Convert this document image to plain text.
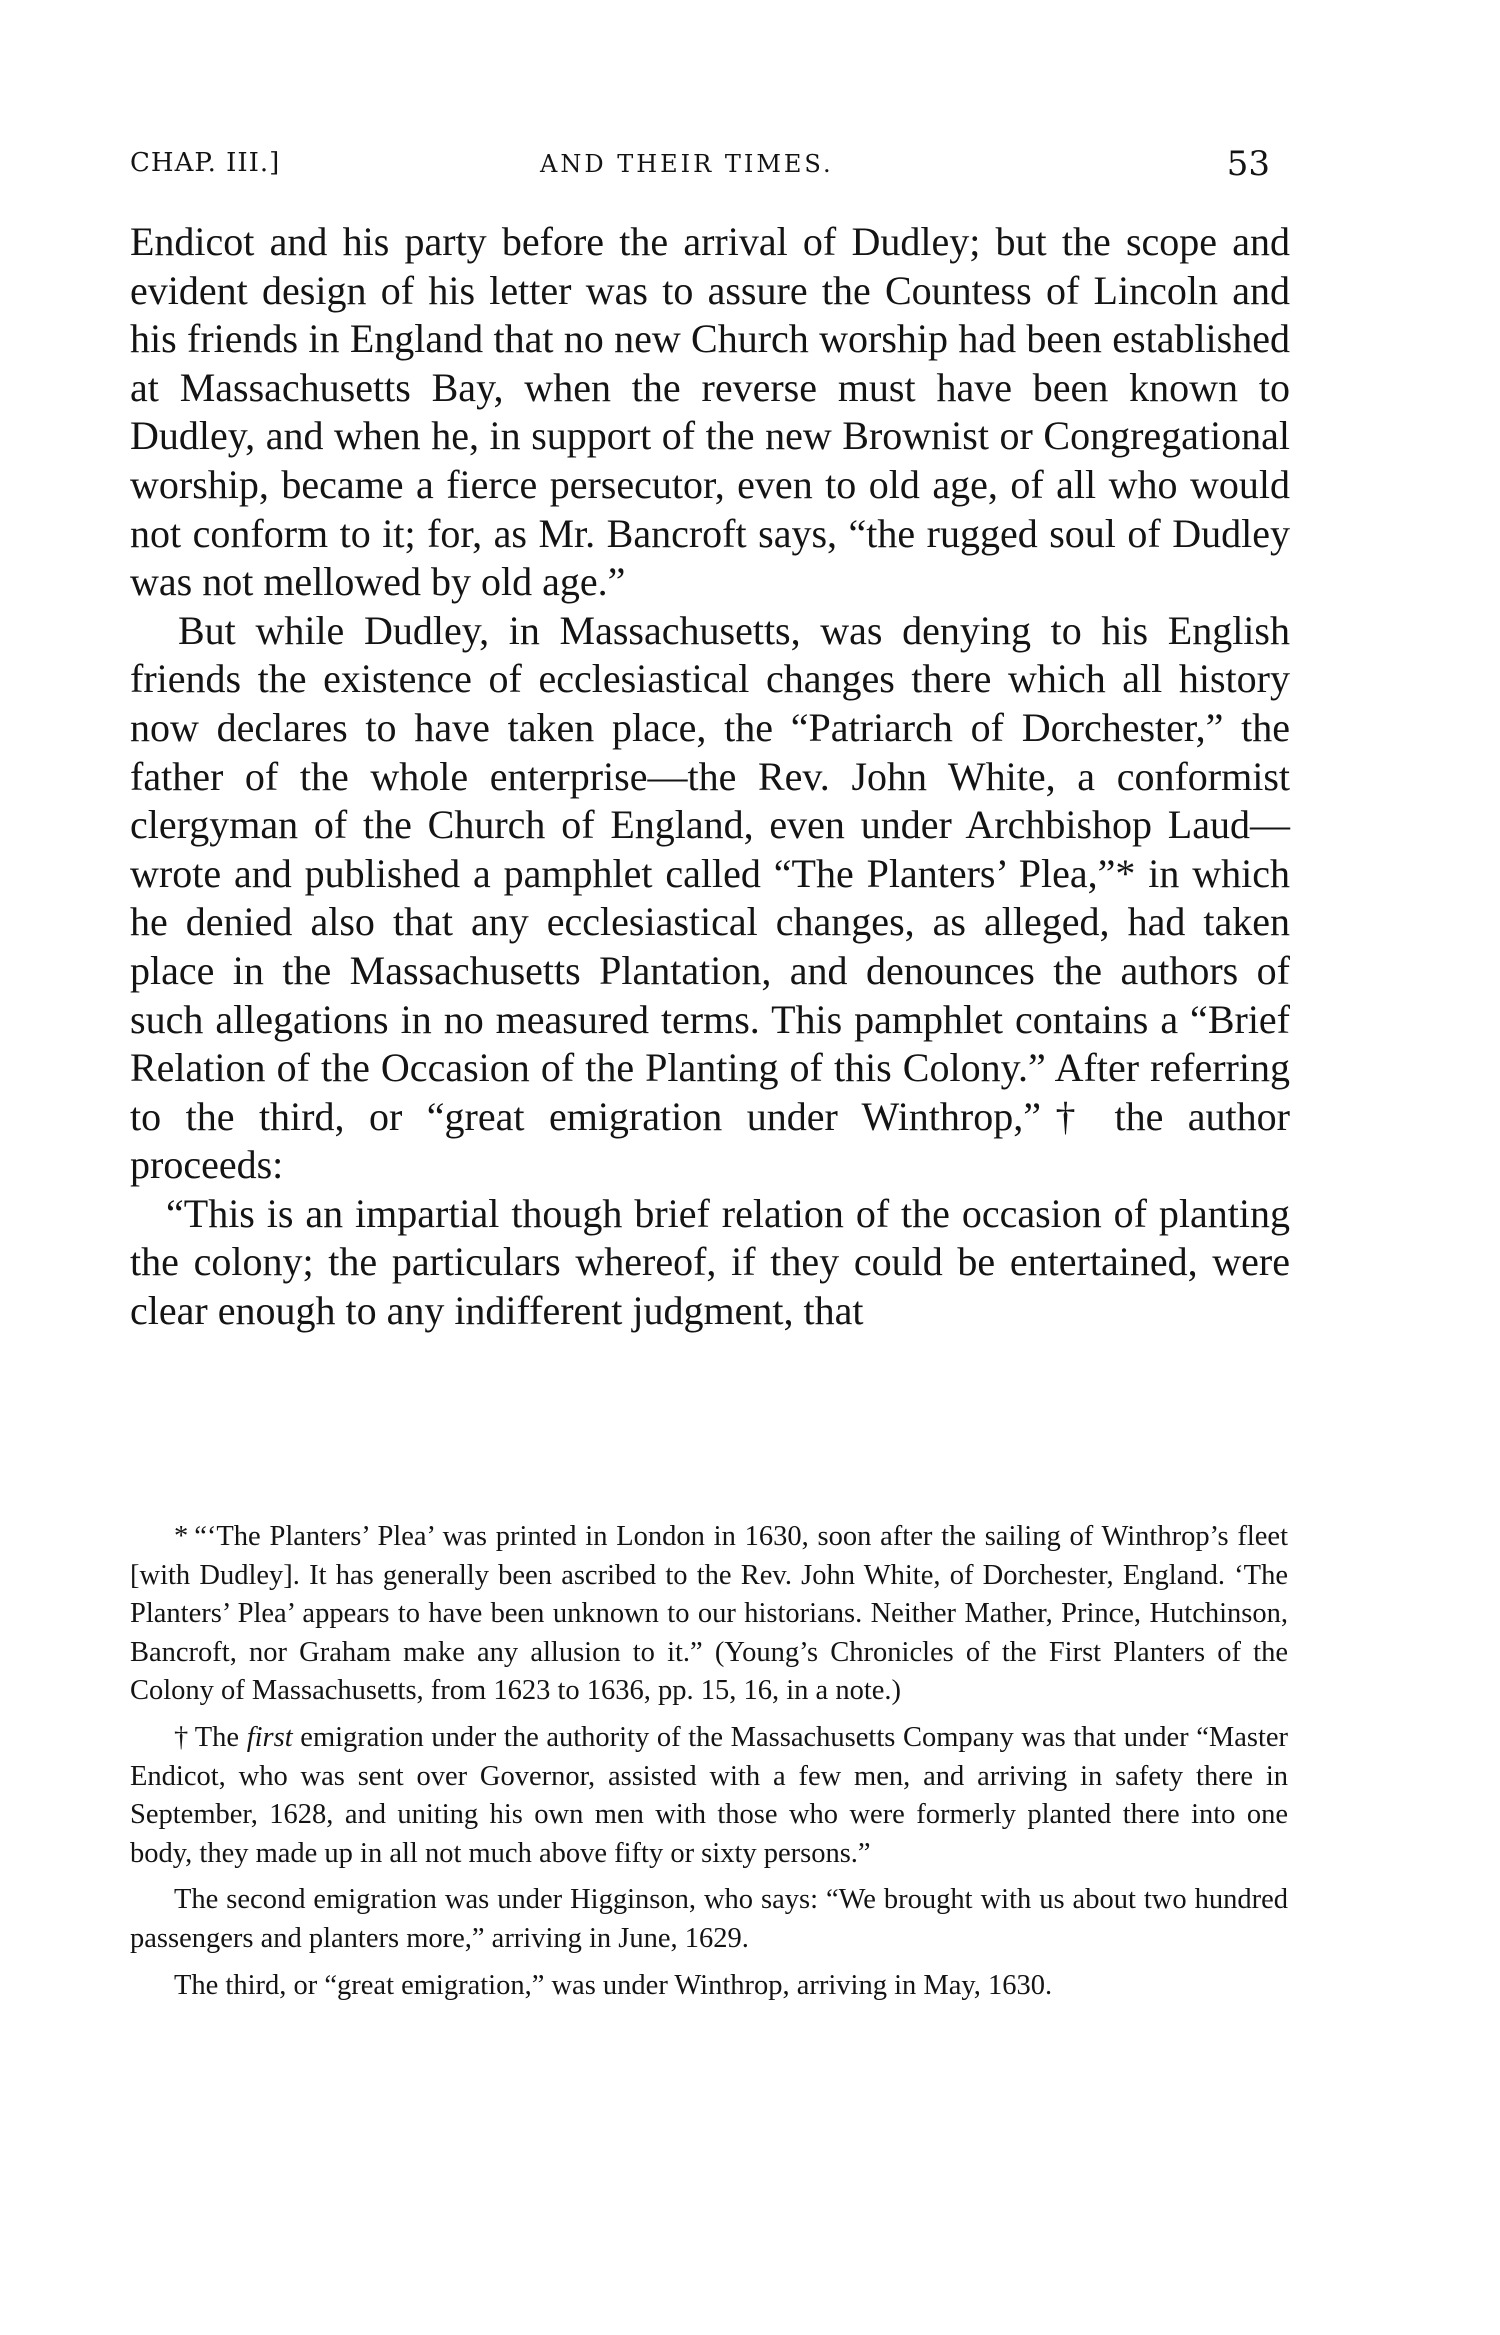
CHAP. III.]	AND THEIR TIMES.	53

Endicot and his party before the arrival of Dudley; but the scope and evident design of his letter was to assure the Countess of Lincoln and his friends in England that no new Church worship had been established at Massachusetts Bay, when the reverse must have been known to Dudley, and when he, in support of the new Brownist or Congregational worship, became a fierce persecutor, even to old age, of all who would not conform to it; for, as Mr. Bancroft says, “the rugged soul of Dudley was not mellowed by old age.”

But while Dudley, in Massachusetts, was denying to his English friends the existence of ecclesiastical changes there which all history now declares to have taken place, the “Patriarch of Dorchester,” the father of the whole enterprise—the Rev. John White, a conformist clergyman of the Church of England, even under Archbishop Laud—wrote and published a pamphlet called “The Planters’ Plea,”* in which he denied also that any ecclesiastical changes, as alleged, had taken place in the Massachusetts Plantation, and denounces the authors of such allegations in no measured terms. This pamphlet contains a “Brief Relation of the Occasion of the Planting of this Colony.” After referring to the third, or “great emigration under Winthrop,”† the author proceeds:

“This is an impartial though brief relation of the occasion of planting the colony; the particulars whereof, if they could be entertained, were clear enough to any indifferent judgment, that

* “‘The Planters’ Plea’ was printed in London in 1630, soon after the sailing of Winthrop’s fleet [with Dudley]. It has generally been ascribed to the Rev. John White, of Dorchester, England. ‘The Planters’ Plea’ appears to have been unknown to our historians. Neither Mather, Prince, Hutchinson, Bancroft, nor Graham make any allusion to it.” (Young’s Chronicles of the First Planters of the Colony of Massachusetts, from 1623 to 1636, pp. 15, 16, in a note.)

† The first emigration under the authority of the Massachusetts Company was that under “Master Endicot, who was sent over Governor, assisted with a few men, and arriving in safety there in September, 1628, and uniting his own men with those who were formerly planted there into one body, they made up in all not much above fifty or sixty persons.”

The second emigration was under Higginson, who says: “We brought with us about two hundred passengers and planters more,” arriving in June, 1629.

The third, or “great emigration,” was under Winthrop, arriving in May, 1630.
